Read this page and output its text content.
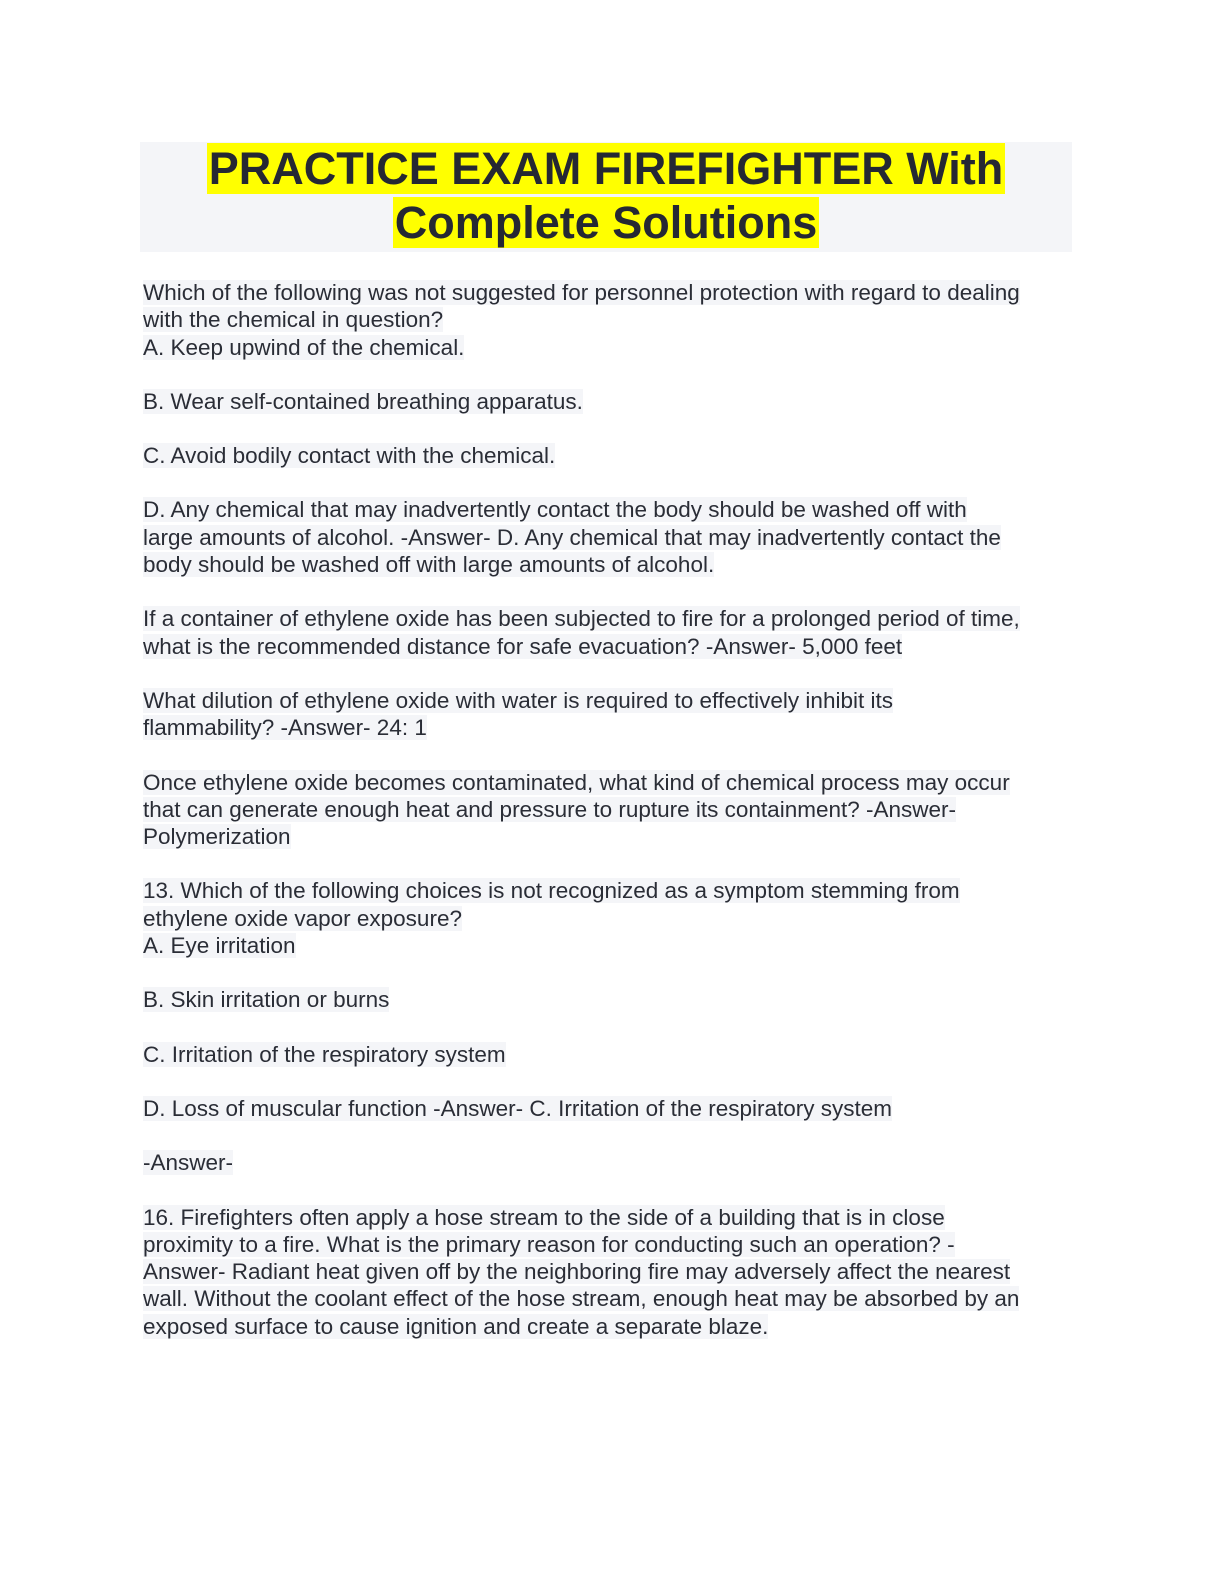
PRACTICE EXAM FIREFIGHTER With
Complete Solutions
Which of the following was not suggested for personnel protection with regard to dealing
with the chemical in question?
A. Keep upwind of the chemical.
B. Wear self-contained breathing apparatus.
C. Avoid bodily contact with the chemical.
D. Any chemical that may inadvertently contact the body should be washed off with
large amounts of alcohol. -Answer- D. Any chemical that may inadvertently contact the
body should be washed off with large amounts of alcohol.
If a container of ethylene oxide has been subjected to fire for a prolonged period of time,
what is the recommended distance for safe evacuation? -Answer- 5,000 feet
What dilution of ethylene oxide with water is required to effectively inhibit its
flammability? -Answer- 24: 1
Once ethylene oxide becomes contaminated, what kind of chemical process may occur
that can generate enough heat and pressure to rupture its containment? -Answer-
Polymerization
13. Which of the following choices is not recognized as a symptom stemming from
ethylene oxide vapor exposure?
A. Eye irritation
B. Skin irritation or burns
C. Irritation of the respiratory system
D. Loss of muscular function -Answer- C. Irritation of the respiratory system
-Answer-
16. Firefighters often apply a hose stream to the side of a building that is in close
proximity to a fire. What is the primary reason for conducting such an operation? -
Answer- Radiant heat given off by the neighboring fire may adversely affect the nearest
wall. Without the coolant effect of the hose stream, enough heat may be absorbed by an
exposed surface to cause ignition and create a separate blaze.
